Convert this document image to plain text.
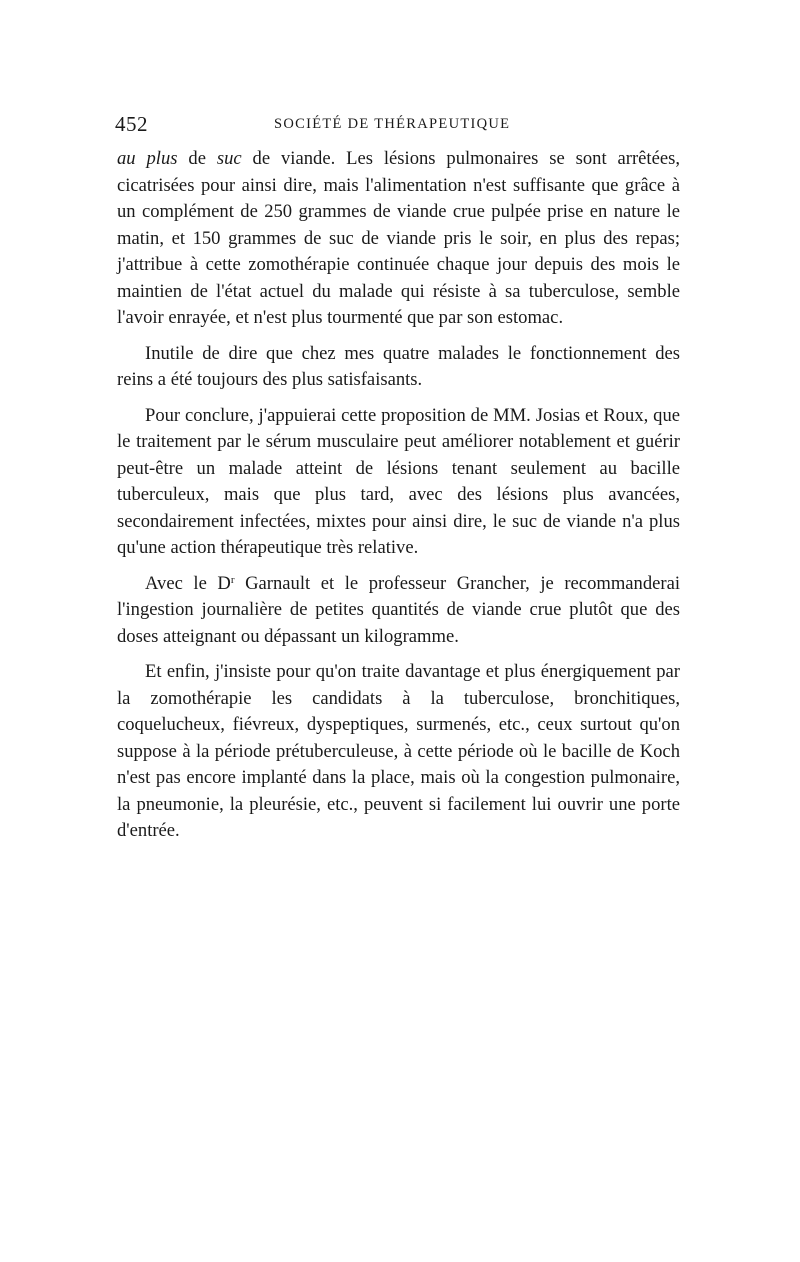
452	SOCIÉTÉ DE THÉRAPEUTIQUE

au plus de suc de viande. Les lésions pulmonaires se sont arrêtées, cicatrisées pour ainsi dire, mais l'alimentation n'est suffisante que grâce à un complément de 250 grammes de viande crue pulpée prise en nature le matin, et 150 grammes de suc de viande pris le soir, en plus des repas; j'attribue à cette zomothérapie continuée chaque jour depuis des mois le maintien de l'état actuel du malade qui résiste à sa tuberculose, semble l'avoir enrayée, et n'est plus tourmenté que par son estomac.

Inutile de dire que chez mes quatre malades le fonctionnement des reins a été toujours des plus satisfaisants.

Pour conclure, j'appuierai cette proposition de MM. Josias et Roux, que le traitement par le sérum musculaire peut améliorer notablement et guérir peut-être un malade atteint de lésions tenant seulement au bacille tuberculeux, mais que plus tard, avec des lésions plus avancées, secondairement infectées, mixtes pour ainsi dire, le suc de viande n'a plus qu'une action thérapeutique très relative.

Avec le $D^r$ Garnault et le professeur Grancher, je recommanderai l'ingestion journalière de petites quantités de viande crue plutôt que des doses atteignant ou dépassant un kilogramme.

Et enfin, j'insiste pour qu'on traite davantage et plus énergiquement par la zomothérapie les candidats à la tuberculose, bronchitiques, coquelucheux, fiévreux, dyspeptiques, surmenés, etc., ceux surtout qu'on suppose à la période prétuberculeuse, à cette période où le bacille de Koch n'est pas encore implanté dans la place, mais où la congestion pulmonaire, la pneumonie, la pleurésie, etc., peuvent si facilement lui ouvrir une porte d'entrée.
